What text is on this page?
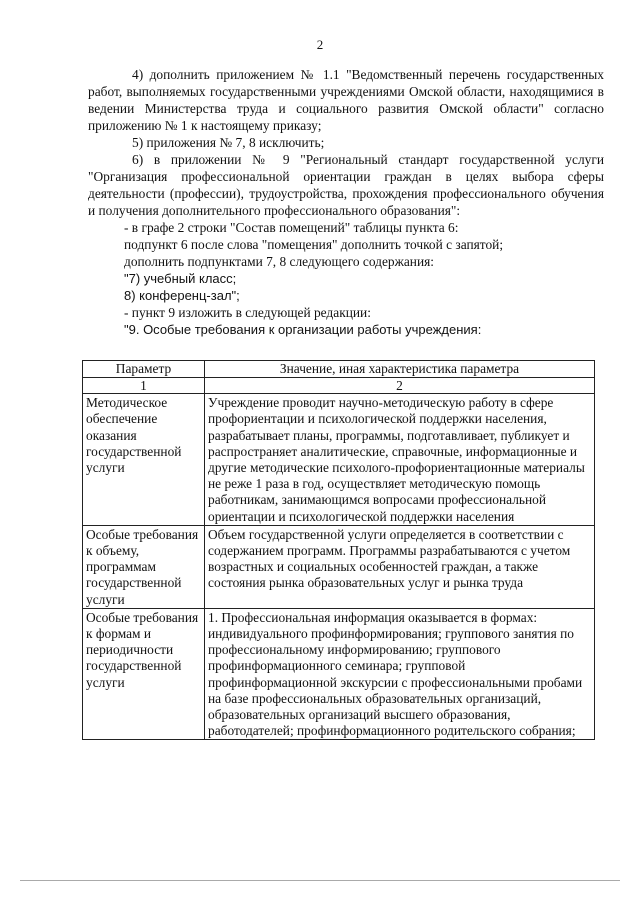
2

4) дополнить приложением № 1.1 "Ведомственный перечень государственных работ, выполняемых государственными учреждениями Омской области, находящимися в ведении Министерства труда и социального развития Омской области" согласно приложению № 1 к настоящему приказу;

5) приложения № 7, 8 исключить;

6) в приложении № 9 "Региональный стандарт государственной услуги "Организация профессиональной ориентации граждан в целях выбора сферы деятельности (профессии), трудоустройства, прохождения профессионального обучения и получения дополнительного профессионального образования":

- в графе 2 строки "Состав помещений" таблицы пункта 6:

подпункт 6 после слова "помещения" дополнить точкой с запятой;

дополнить подпунктами 7, 8 следующего содержания:

"7) учебный класс;

8) конференц-зал";

- пункт 9 изложить в следующей редакции:

"9. Особые требования к организации работы учреждения:

Параметр	Значение, иная характеристика параметра
1	2
Методическое обеспечение оказания государственной услуги	Учреждение проводит научно-методическую работу в сфере профориентации и психологической поддержки населения, разрабатывает планы, программы, подготавливает, публикует и распространяет аналитические, справочные, информационные и другие методические психолого-профориентационные материалы не реже 1 раза в год, осуществляет методическую помощь работникам, занимающимся вопросами профессиональной ориентации и психологической поддержки населения
Особые требования к объему, программам государственной услуги	Объем государственной услуги определяется в соответствии с содержанием программ. Программы разрабатываются с учетом возрастных и социальных особенностей граждан, а также состояния рынка образовательных услуг и рынка труда
Особые требования к формам и периодичности государственной услуги	1. Профессиональная информация оказывается в формах: индивидуального профинформирования; группового занятия по профессиональному информированию; группового профинформационного семинара; групповой профинформационной экскурсии с профессиональными пробами на базе профессиональных образовательных организаций, образовательных организаций высшего образования, работодателей; профинформационного родительского собрания;
